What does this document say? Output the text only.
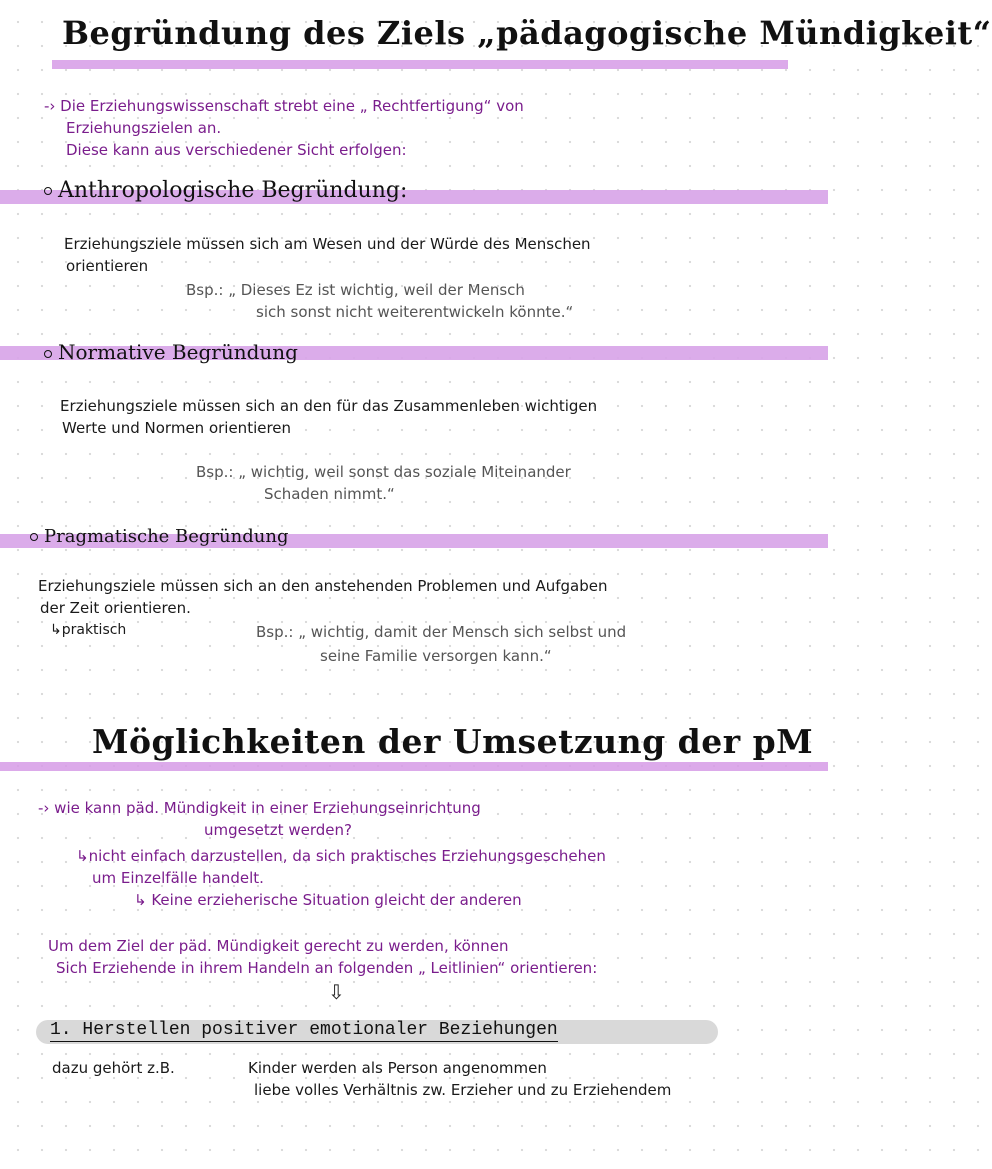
Begründung des Ziels „pädagogische Mündigkeit“
-› Die Erziehungswissenschaft strebt eine „ Rechtfertigung“ von
Erziehungszielen an.
Diese kann aus verschiedener Sicht erfolgen:
Anthropologische Begründung:
Erziehungsziele müssen sich am Wesen und der Würde des Menschen
orientieren
Bsp.: „ Dieses Ez ist wichtig, weil der Mensch
sich sonst nicht weiterentwickeln könnte.“
Normative Begründung
Erziehungsziele müssen sich an den für das Zusammenleben wichtigen
Werte und Normen orientieren
Bsp.: „ wichtig, weil sonst das soziale Miteinander
Schaden nimmt.“
Pragmatische Begründung
Erziehungsziele müssen sich an den anstehenden Problemen und Aufgaben
der Zeit orientieren.
↳praktisch	Bsp.: „ wichtig, damit der Mensch sich selbst und
seine Familie versorgen kann.“
Möglichkeiten der Umsetzung der pM
-› wie kann päd. Mündigkeit in einer Erziehungseinrichtung
umgesetzt werden?
↳nicht einfach darzustellen, da sich praktisches Erziehungsgeschehen
um Einzelfälle handelt.
↳ Keine erzieherische Situation gleicht der anderen
Um dem Ziel der päd. Mündigkeit gerecht zu werden, können
Sich Erziehende in ihrem Handeln an folgenden „ Leitlinien“ orientieren:
⇩
1. Herstellen positiver emotionaler Beziehungen
dazu gehört z.B.	Kinder werden als Person angenommen
liebe volles Verhältnis zw. Erzieher und zu Erziehendem
